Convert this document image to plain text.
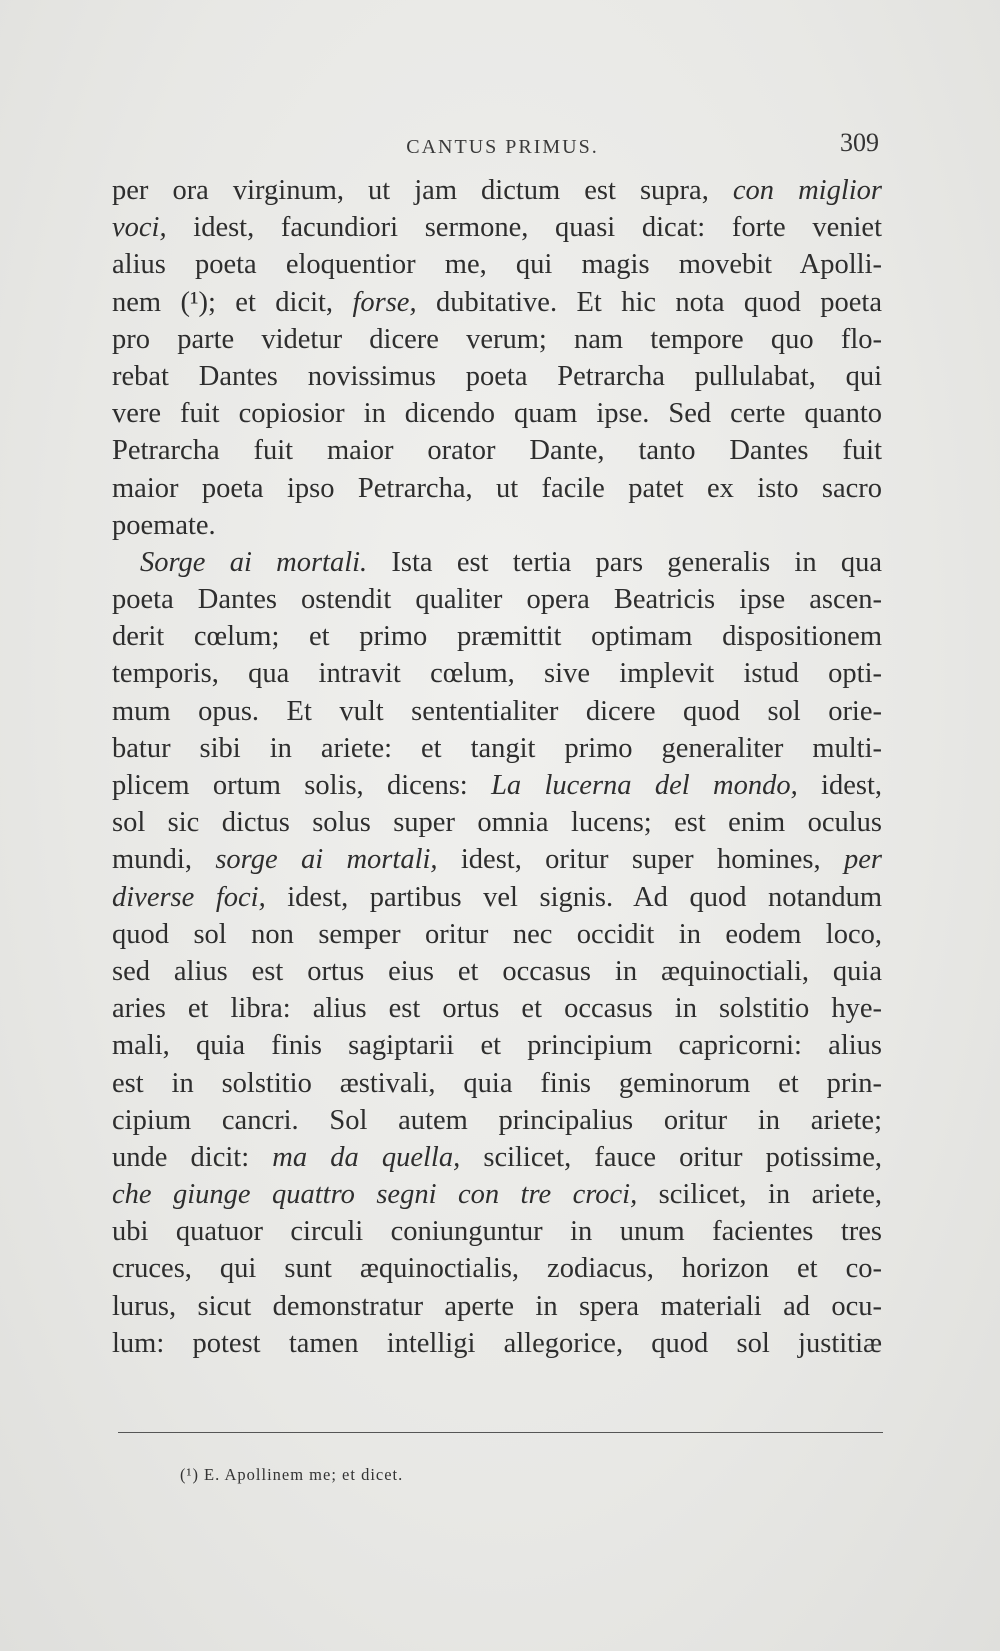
CANTUS PRIMUS.	309
per ora virginum, ut jam dictum est supra, con miglior
voci, idest, facundiori sermone, quasi dicat: forte veniet
alius poeta eloquentior me, qui magis movebit Apolli-
nem (¹); et dicit, forse, dubitative. Et hic nota quod poeta
pro parte videtur dicere verum; nam tempore quo flo-
rebat Dantes novissimus poeta Petrarcha pullulabat, qui
vere fuit copiosior in dicendo quam ipse. Sed certe quanto
Petrarcha fuit maior orator Dante, tanto Dantes fuit
maior poeta ipso Petrarcha, ut facile patet ex isto sacro
poemate.
Sorge ai mortali. Ista est tertia pars generalis in qua
poeta Dantes ostendit qualiter opera Beatricis ipse ascen-
derit cœlum; et primo præmittit optimam dispositionem
temporis, qua intravit cœlum, sive implevit istud opti-
mum opus. Et vult sententialiter dicere quod sol orie-
batur sibi in ariete: et tangit primo generaliter multi-
plicem ortum solis, dicens: La lucerna del mondo, idest,
sol sic dictus solus super omnia lucens; est enim oculus
mundi, sorge ai mortali, idest, oritur super homines, per
diverse foci, idest, partibus vel signis. Ad quod notandum
quod sol non semper oritur nec occidit in eodem loco,
sed alius est ortus eius et occasus in æquinoctiali, quia
aries et libra: alius est ortus et occasus in solstitio hye-
mali, quia finis sagiptarii et principium capricorni: alius
est in solstitio æstivali, quia finis geminorum et prin-
cipium cancri. Sol autem principalius oritur in ariete;
unde dicit: ma da quella, scilicet, fauce oritur potissime,
che giunge quattro segni con tre croci, scilicet, in ariete,
ubi quatuor circuli coniunguntur in unum facientes tres
cruces, qui sunt æquinoctialis, zodiacus, horizon et co-
lurus, sicut demonstratur aperte in spera materiali ad ocu-
lum: potest tamen intelligi allegorice, quod sol justitiæ
(¹) E. Apollinem me; et dicet.
